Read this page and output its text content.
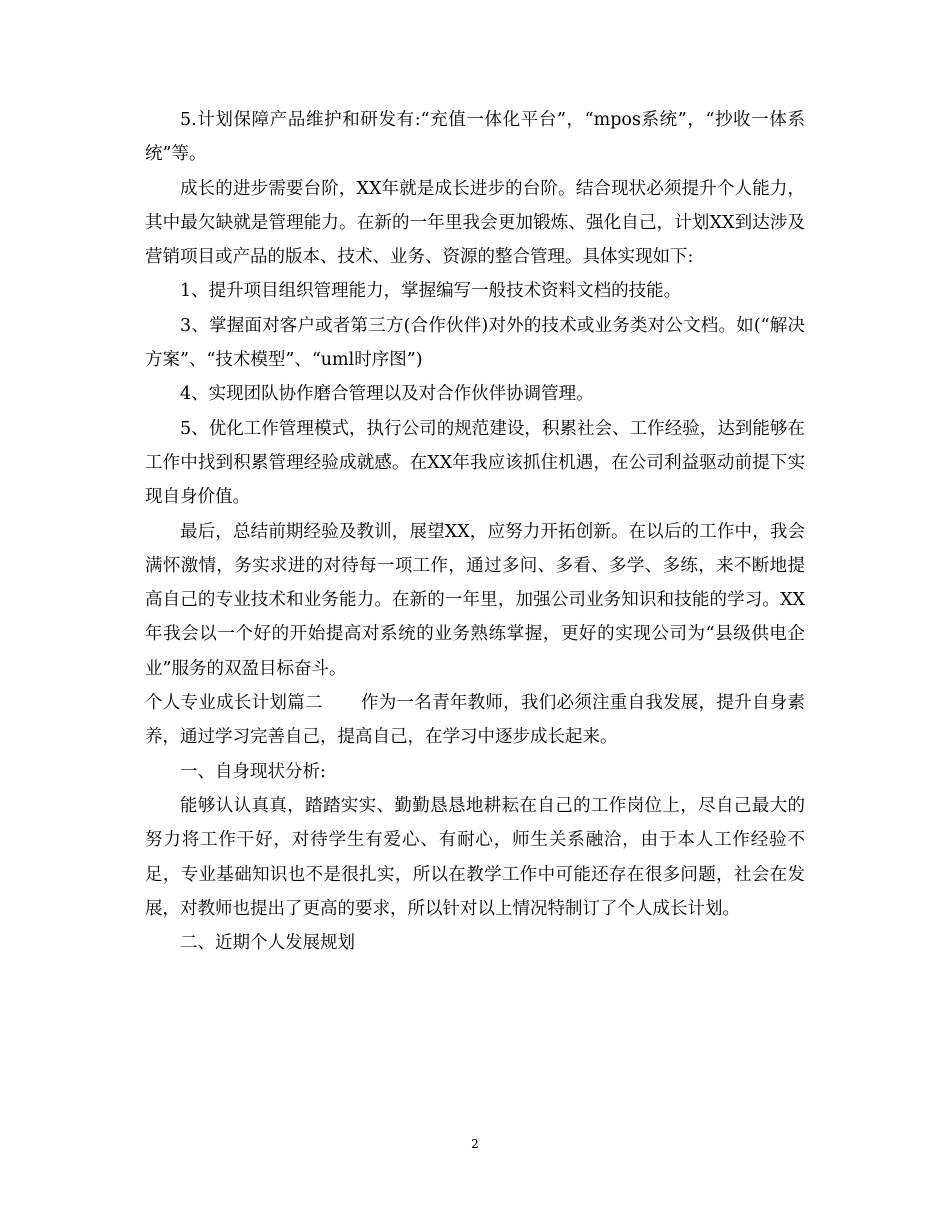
5.计划保障产品维护和研发有:“充值一体化平台”，“mpos系统”，“抄收一体系统”等。

成长的进步需要台阶，XX年就是成长进步的台阶。结合现状必须提升个人能力，其中最欠缺就是管理能力。在新的一年里我会更加锻炼、强化自己，计划XX到达涉及营销项目或产品的版本、技术、业务、资源的整合管理。具体实现如下:

1、提升项目组织管理能力，掌握编写一般技术资料文档的技能。

3、掌握面对客户或者第三方(合作伙伴)对外的技术或业务类对公文档。如(“解决方案”、“技术模型”、“uml时序图”)

4、实现团队协作磨合管理以及对合作伙伴协调管理。

5、优化工作管理模式，执行公司的规范建设，积累社会、工作经验，达到能够在工作中找到积累管理经验成就感。在XX年我应该抓住机遇，在公司利益驱动前提下实现自身价值。

最后，总结前期经验及教训，展望XX，应努力开拓创新。在以后的工作中，我会满怀激情，务实求进的对待每一项工作，通过多问、多看、多学、多练，来不断地提高自己的专业技术和业务能力。在新的一年里，加强公司业务知识和技能的学习。XX年我会以一个好的开始提高对系统的业务熟练掌握，更好的实现公司为“县级供电企业”服务的双盈目标奋斗。

个人专业成长计划篇二 作为一名青年教师，我们必须注重自我发展，提升自身素养，通过学习完善自己，提高自己，在学习中逐步成长起来。

一、自身现状分析:

能够认认真真，踏踏实实、勤勤恳恳地耕耘在自己的工作岗位上，尽自己最大的努力将工作干好，对待学生有爱心、有耐心，师生关系融洽，由于本人工作经验不足，专业基础知识也不是很扎实，所以在教学工作中可能还存在很多问题，社会在发展，对教师也提出了更高的要求，所以针对以上情况特制订了个人成长计划。

二、近期个人发展规划

2
